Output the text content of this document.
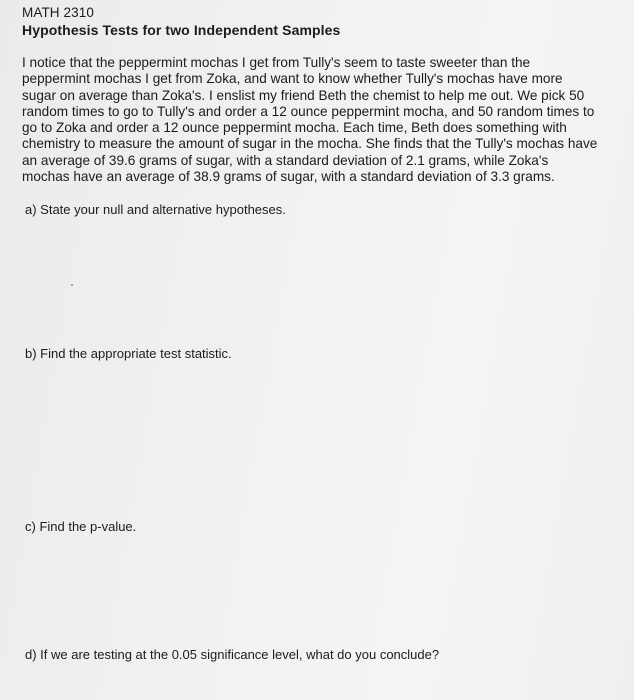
MATH 2310
Hypothesis Tests for two Independent Samples

I notice that the peppermint mochas I get from Tully's seem to taste sweeter than the
peppermint mochas I get from Zoka, and want to know whether Tully's mochas have more
sugar on average than Zoka's. I enslist my friend Beth the chemist to help me out. We pick 50
random times to go to Tully's and order a 12 ounce peppermint mocha, and 50 random times to
go to Zoka and order a 12 ounce peppermint mocha. Each time, Beth does something with
chemistry to measure the amount of sugar in the mocha. She finds that the Tully's mochas have
an average of 39.6 grams of sugar, with a standard deviation of 2.1 grams, while Zoka's
mochas have an average of 38.9 grams of sugar, with a standard deviation of 3.3 grams.

a) State your null and alternative hypotheses.
b) Find the appropriate test statistic.
c) Find the p-value.
d) If we are testing at the 0.05 significance level, what do you conclude?
